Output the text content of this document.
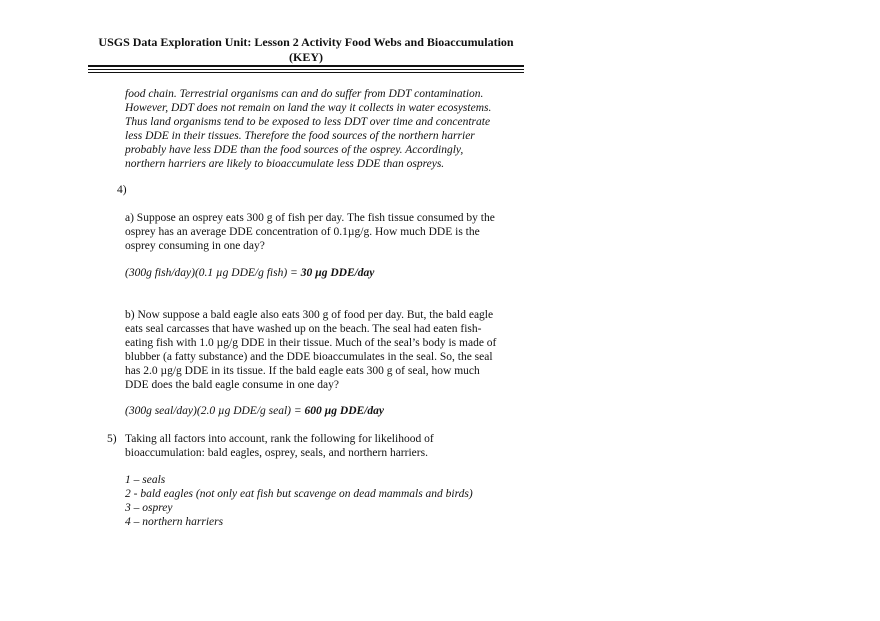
USGS Data Exploration Unit: Lesson 2 Activity Food Webs and Bioaccumulation
(KEY)
food chain. Terrestrial organisms can and do suffer from DDT contamination.
However, DDT does not remain on land the way it collects in water ecosystems.
Thus land organisms tend to be exposed to less DDT over time and concentrate
less DDE in their tissues. Therefore the food sources of the northern harrier
probably have less DDE than the food sources of the osprey. Accordingly,
northern harriers are likely to bioaccumulate less DDE than ospreys.
4)
a) Suppose an osprey eats 300 g of fish per day. The fish tissue consumed by the
osprey has an average DDE concentration of 0.1µg/g. How much DDE is the
osprey consuming in one day?
(300g fish/day)(0.1 µg DDE/g fish) = 30 µg DDE/day
b) Now suppose a bald eagle also eats 300 g of food per day. But, the bald eagle
eats seal carcasses that have washed up on the beach. The seal had eaten fish-
eating fish with 1.0 µg/g DDE in their tissue. Much of the seal’s body is made of
blubber (a fatty substance) and the DDE bioaccumulates in the seal. So, the seal
has 2.0 µg/g DDE in its tissue. If the bald eagle eats 300 g of seal, how much
DDE does the bald eagle consume in one day?
(300g seal/day)(2.0 µg DDE/g seal) = 600 µg DDE/day
5) Taking all factors into account, rank the following for likelihood of
bioaccumulation: bald eagles, osprey, seals, and northern harriers.
1 – seals
2 - bald eagles (not only eat fish but scavenge on dead mammals and birds)
3 – osprey
4 – northern harriers
